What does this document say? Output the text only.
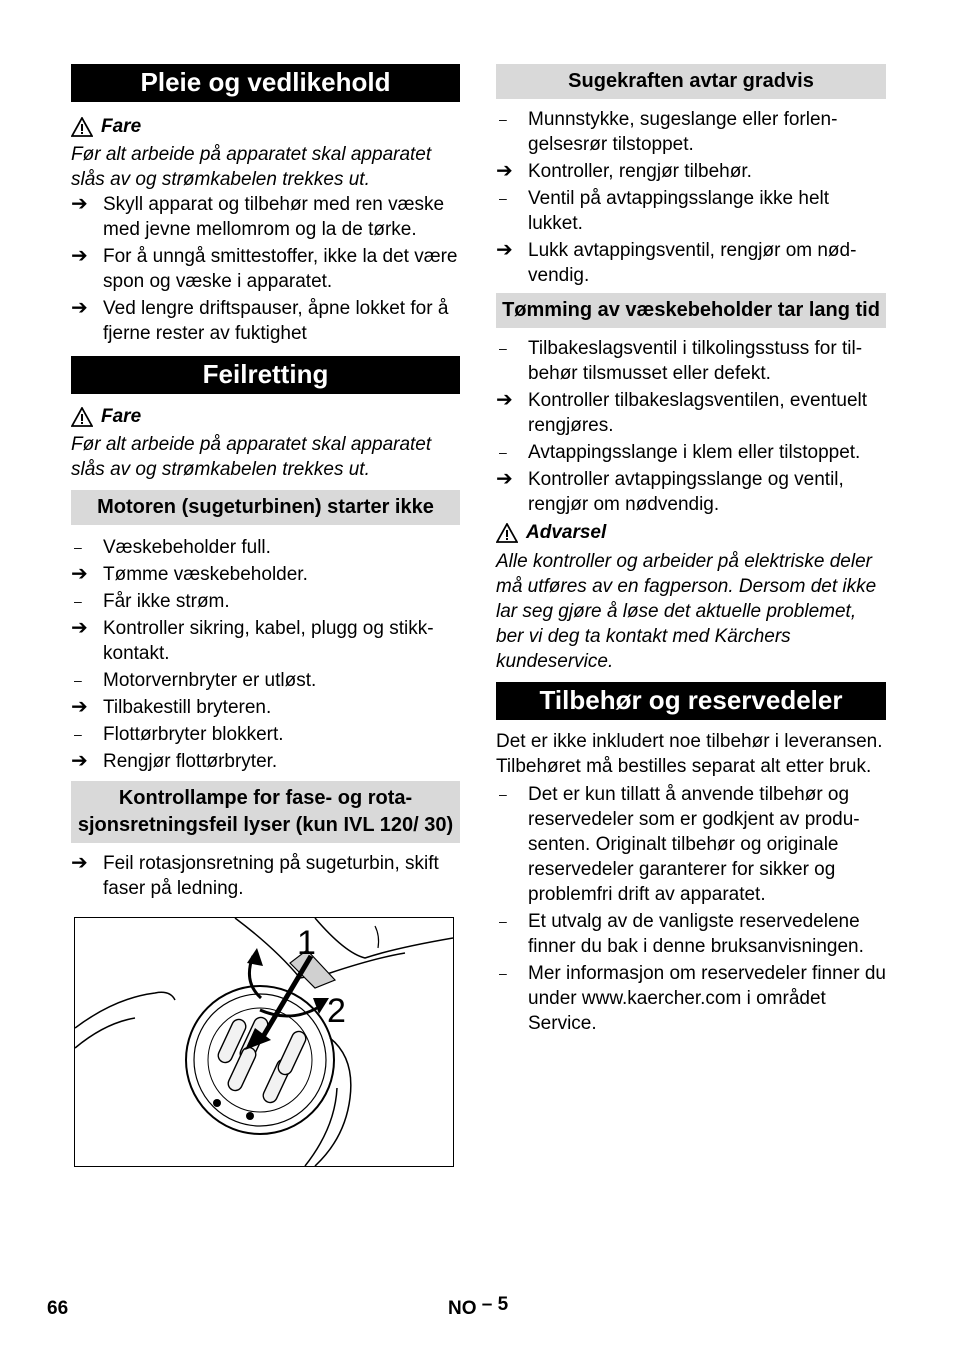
Pleie og vedlikehold
Fare
Før alt arbeide på apparatet skal apparatet slås av og strømkabelen trekkes ut.
➔ Skyll apparat og tilbehør med ren væske med jevne mellomrom og la de tørke.
➔ For å unngå smittestoffer, ikke la det være spon og væske i apparatet.
➔ Ved lengre driftspauser, åpne lokket for å fjerne rester av fuktighet
Feilretting
Fare
Før alt arbeide på apparatet skal apparatet slås av og strømkabelen trekkes ut.
Motoren (sugeturbinen) starter ikke
–	Væskebeholder full.
➔ Tømme væskebeholder.
–	Får ikke strøm.
➔ Kontroller sikring, kabel, plugg og stikkkontakt.
–	Motorvernbryter er utløst.
➔ Tilbakestill bryteren.
–	Flottørbryter blokkert.
➔ Rengjør flottørbryter.
Kontrollampe for fase- og rotasjonsretningsfeil lyser (kun IVL 120/ 30)
➔ Feil rotasjonsretning på sugeturbin, skift faser på ledning.
1
2
Sugekraften avtar gradvis
–	Munnstykke, sugeslange eller forlengelsesrør tilstoppet.
➔ Kontroller, rengjør tilbehør.
–	Ventil på avtappingsslange ikke helt lukket.
➔ Lukk avtappingsventil, rengjør om nødvendig.
Tømming av væskebeholder tar lang tid
–	Tilbakeslagsventil i tilkolingsstuss for tilbehør tilsmusset eller defekt.
➔ Kontroller tilbakeslagsventilen, eventuelt rengjøres.
–	Avtappingsslange i klem eller tilstoppet.
➔ Kontroller avtappingsslange og ventil, rengjør om nødvendig.
Advarsel
Alle kontroller og arbeider på elektriske deler må utføres av en fagperson. Dersom det ikke lar seg gjøre å løse det aktuelle problemet, ber vi deg ta kontakt med Kärchers kundeservice.
Tilbehør og reservedeler
Det er ikke inkludert noe tilbehør i leveransen. Tilbehøret må bestilles separat alt etter bruk.
–	Det er kun tillatt å anvende tilbehør og reservedeler som er godkjent av produsenten. Originalt tilbehør og originale reservedeler garanterer for sikker og problemfri drift av apparatet.
–	Et utvalg av de vanligste reservedelene finner du bak i denne bruksanvisningen.
–	Mer informasjon om reservedeler finner du under www.kaercher.com i området Service.
66	NO – 5
